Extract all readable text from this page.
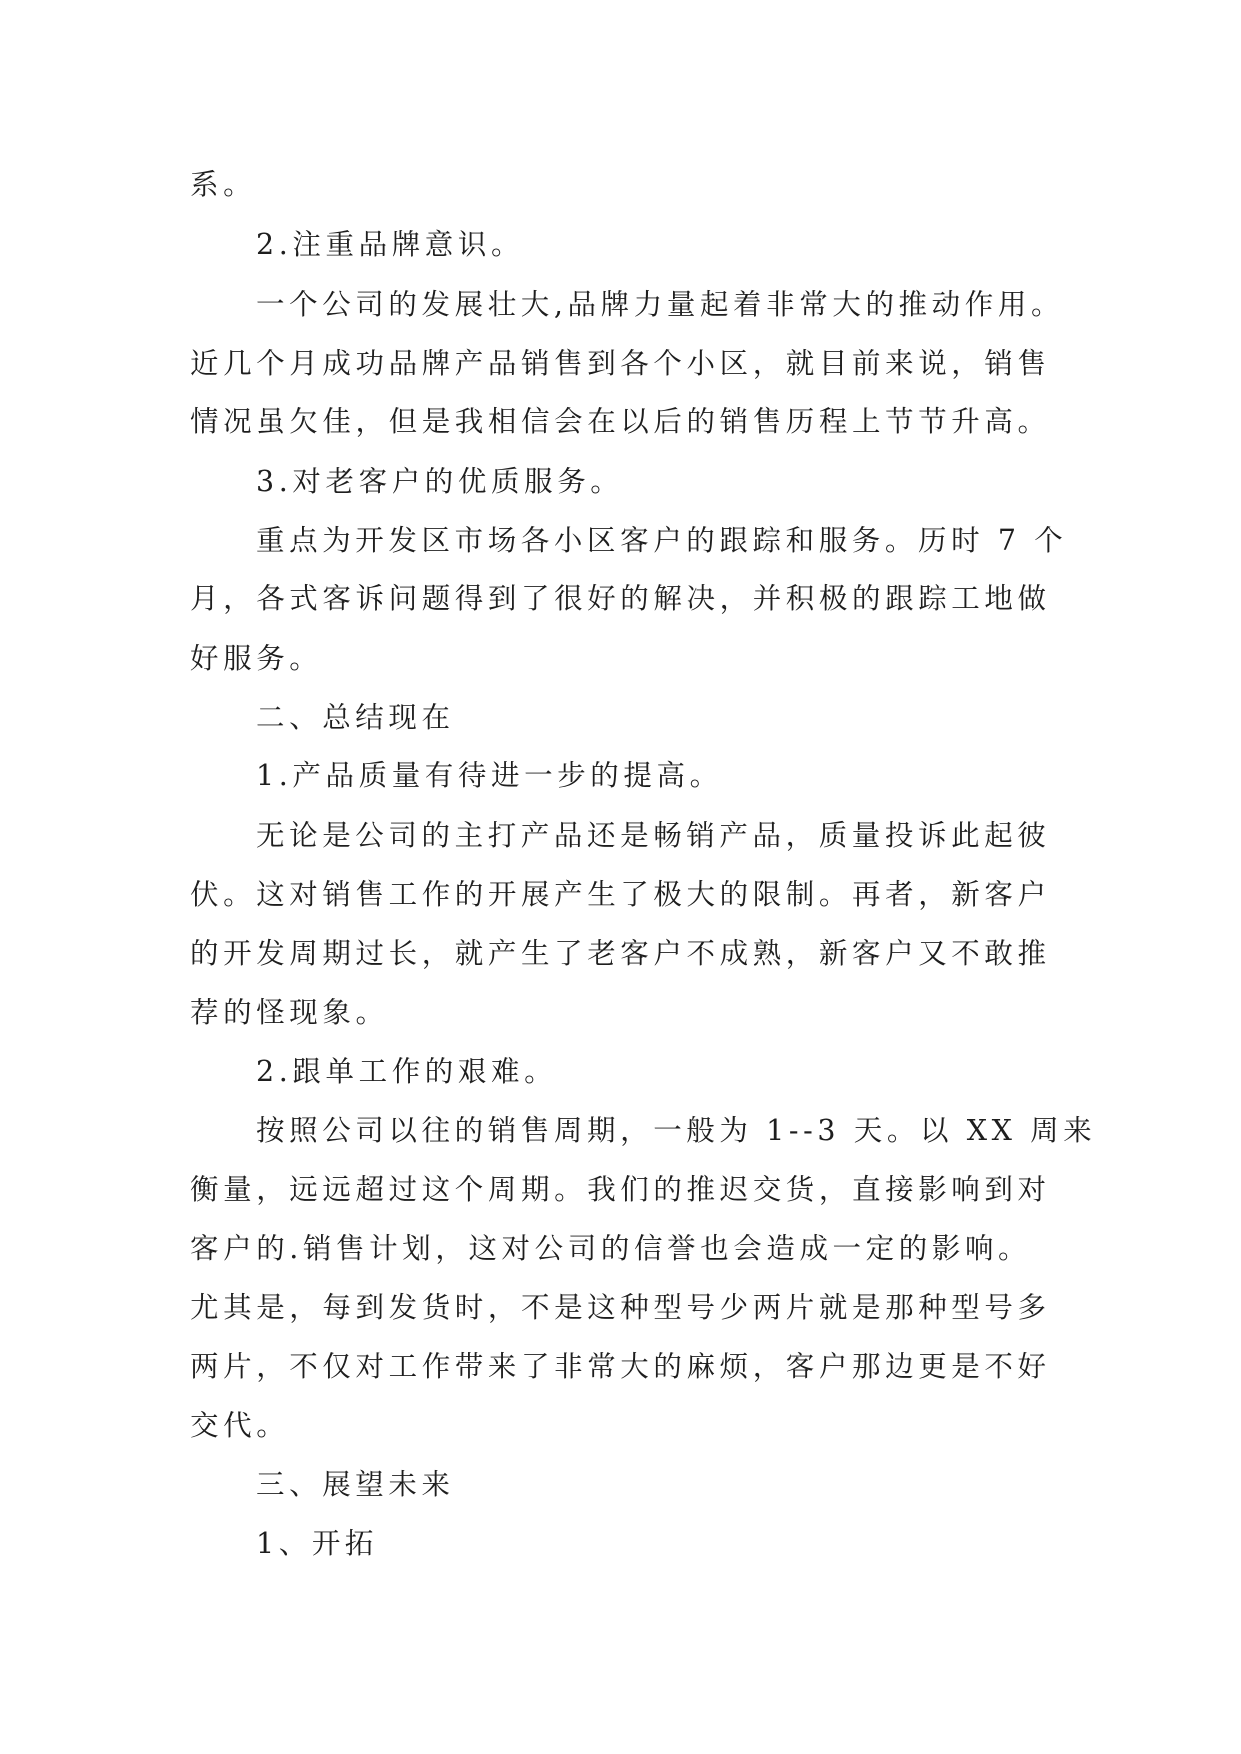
系。

2.注重品牌意识。

一个公司的发展壮大,品牌力量起着非常大的推动作用。

近几个月成功品牌产品销售到各个小区，就目前来说，销售

情况虽欠佳，但是我相信会在以后的销售历程上节节升高。

3.对老客户的优质服务。

重点为开发区市场各小区客户的跟踪和服务。历时 7 个

月，各式客诉问题得到了很好的解决，并积极的跟踪工地做

好服务。

二、总结现在

1.产品质量有待进一步的提高。

无论是公司的主打产品还是畅销产品，质量投诉此起彼

伏。这对销售工作的开展产生了极大的限制。再者，新客户

的开发周期过长，就产生了老客户不成熟，新客户又不敢推

荐的怪现象。

2.跟单工作的艰难。

按照公司以往的销售周期，一般为 1--3 天。以 XX 周来

衡量，远远超过这个周期。我们的推迟交货，直接影响到对

客户的.销售计划，这对公司的信誉也会造成一定的影响。

尤其是，每到发货时，不是这种型号少两片就是那种型号多

两片，不仅对工作带来了非常大的麻烦，客户那边更是不好

交代。

三、展望未来

1、开拓
